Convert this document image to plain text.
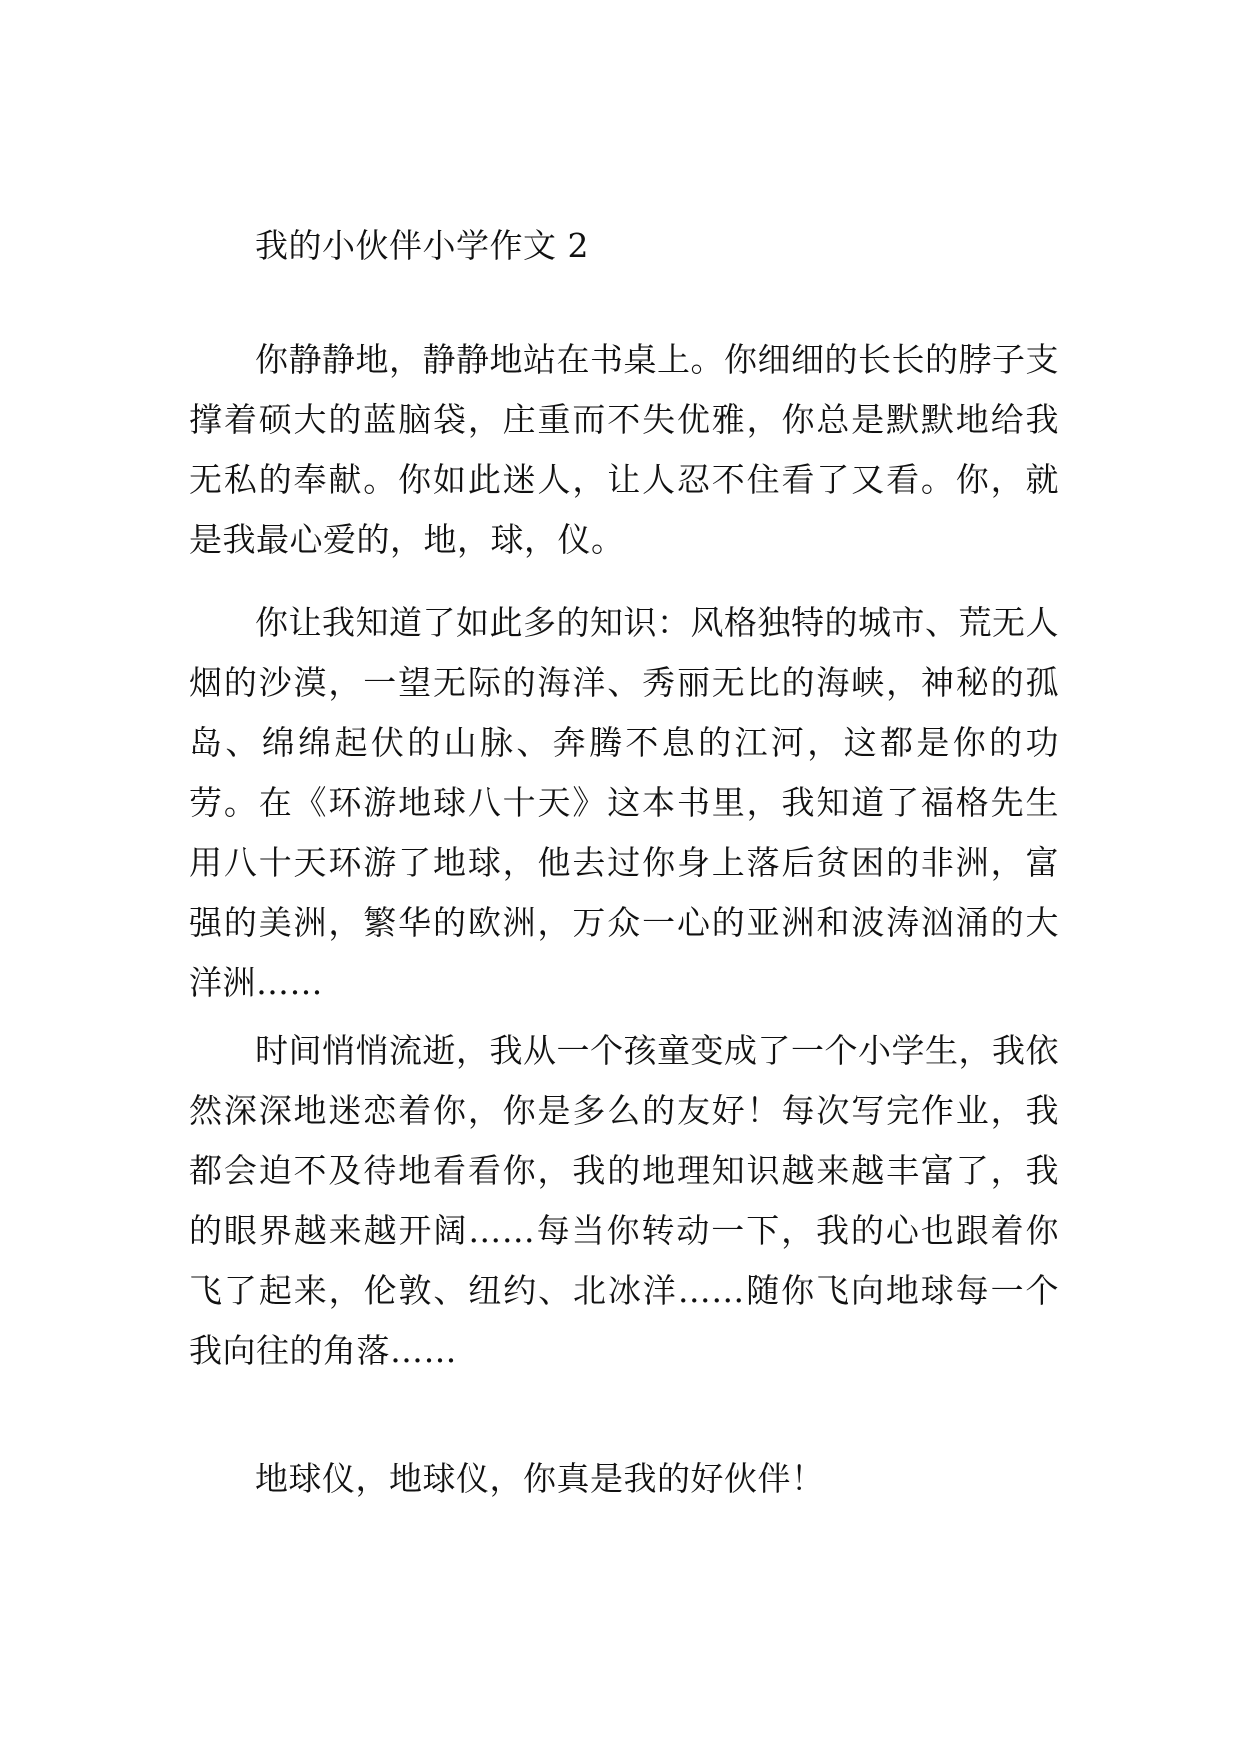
我的小伙伴小学作文 2

你静静地，静静地站在书桌上。你细细的长长的脖子支撑着硕大的蓝脑袋，庄重而不失优雅，你总是默默地给我无私的奉献。你如此迷人，让人忍不住看了又看。你，就是我最心爱的，地，球，仪。

你让我知道了如此多的知识：风格独特的城市、荒无人烟的沙漠，一望无际的海洋、秀丽无比的海峡，神秘的孤岛、绵绵起伏的山脉、奔腾不息的江河，这都是你的功劳。在《环游地球八十天》这本书里，我知道了福格先生用八十天环游了地球，他去过你身上落后贫困的非洲，富强的美洲，繁华的欧洲，万众一心的亚洲和波涛汹涌的大洋洲……

时间悄悄流逝，我从一个孩童变成了一个小学生，我依然深深地迷恋着你，你是多么的友好！每次写完作业，我都会迫不及待地看看你，我的地理知识越来越丰富了，我的眼界越来越开阔……每当你转动一下，我的心也跟着你飞了起来，伦敦、纽约、北冰洋……随你飞向地球每一个我向往的角落……

地球仪，地球仪，你真是我的好伙伴！
